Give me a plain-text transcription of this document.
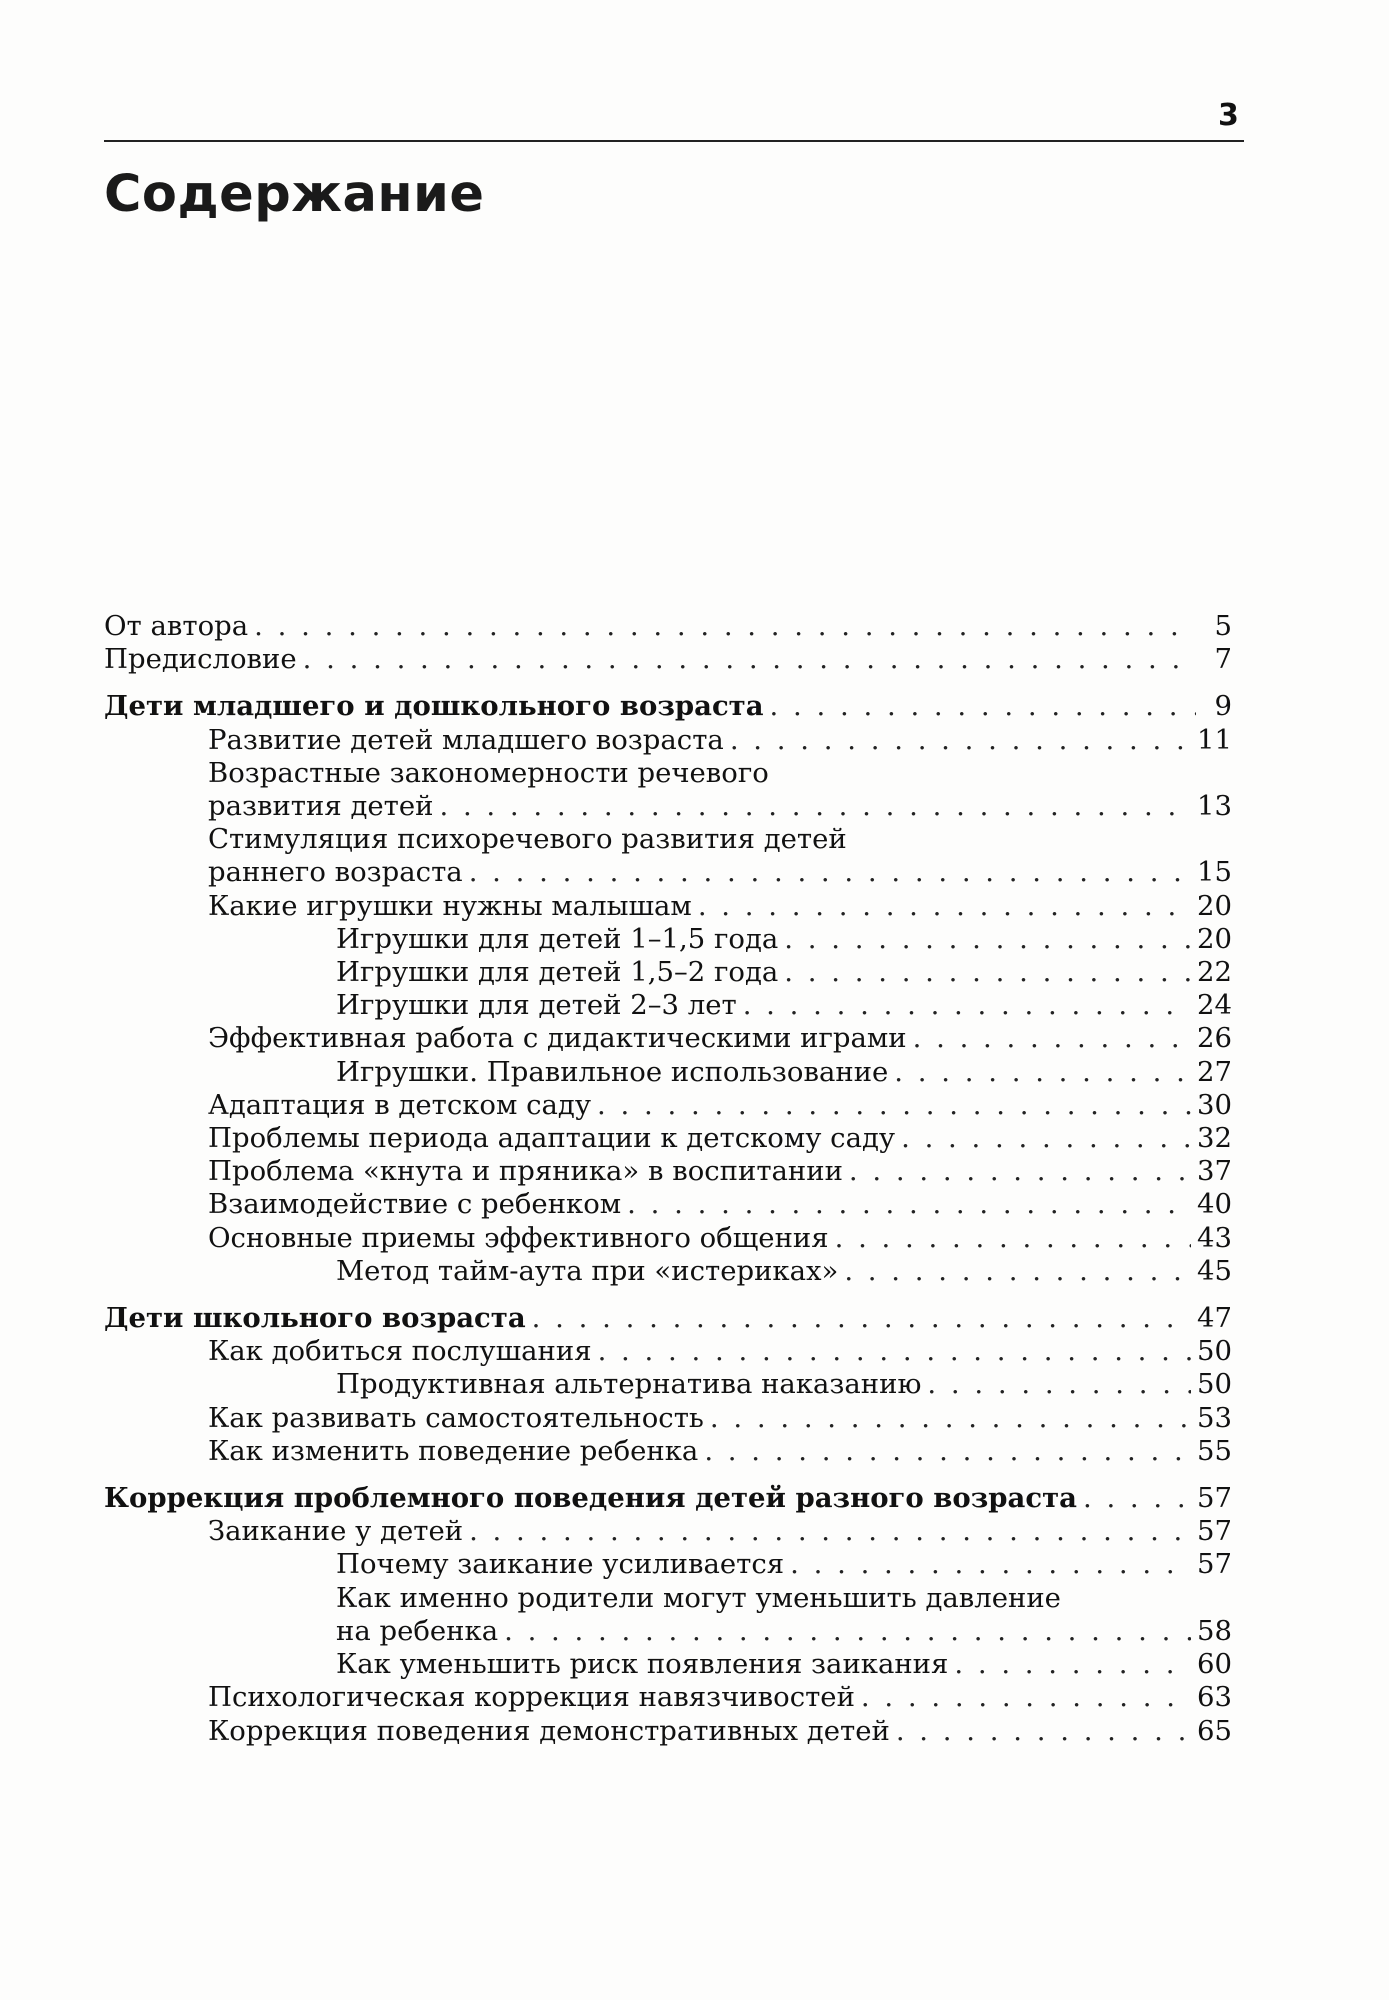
3
Содержание
От автора . . .	5
Предисловие . . .	7
Дети младшего и дошкольного возраста . . .	9
Развитие детей младшего возраста . . .	11
Возрастные закономерности речевого
развития детей . . .	13
Стимуляция психоречевого развития детей
раннего возраста . . .	15
Какие игрушки нужны малышам . . .	20
Игрушки для детей 1–1,5 года . . .	20
Игрушки для детей 1,5–2 года . . .	22
Игрушки для детей 2–3 лет . . .	24
Эффективная работа с дидактическими играми . . .	26
Игрушки. Правильное использование . . .	27
Адаптация в детском саду . . .	30
Проблемы периода адаптации к детскому саду . . .	32
Проблема «кнута и пряника» в воспитании . . .	37
Взаимодействие с ребенком . . .	40
Основные приемы эффективного общения . . .	43
Метод тайм-аута при «истериках» . . .	45
Дети школьного возраста . . .	47
Как добиться послушания . . .	50
Продуктивная альтернатива наказанию . . .	50
Как развивать самостоятельность . . .	53
Как изменить поведение ребенка . . .	55
Коррекция проблемного поведения детей разного возраста . . .	57
Заикание у детей . . .	57
Почему заикание усиливается . . .	57
Как именно родители могут уменьшить давление
на ребенка . . .	58
Как уменьшить риск появления заикания . . .	60
Психологическая коррекция навязчивостей . . .	63
Коррекция поведения демонстративных детей . . .	65
